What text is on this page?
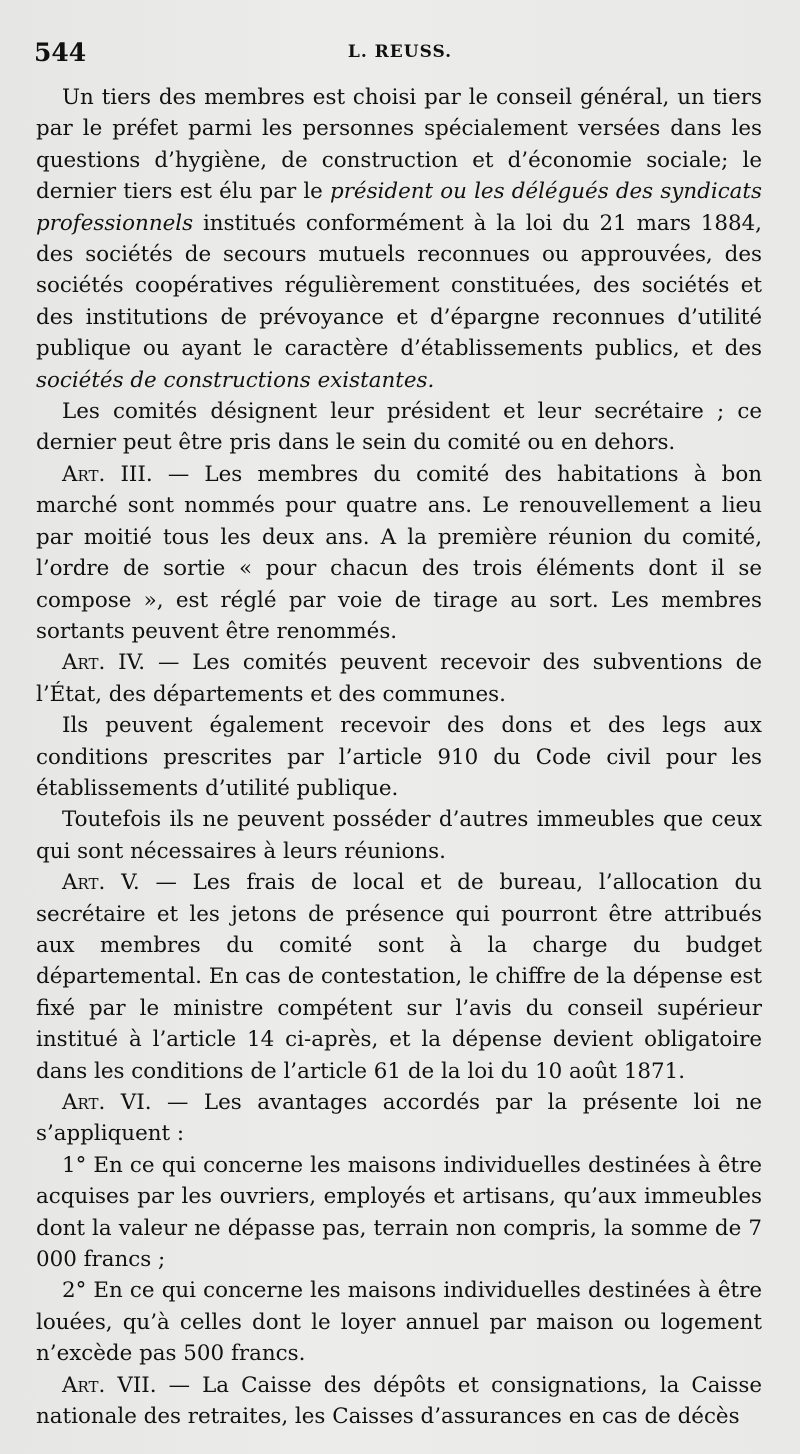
544	L. REUSS.

Un tiers des membres est choisi par le conseil général, un tiers par le préfet parmi les personnes spécialement versées dans les questions d’hygiène, de construction et d’économie sociale; le dernier tiers est élu par le président ou les délégués des syndicats professionnels institués conformément à la loi du 21 mars 1884, des sociétés de secours mutuels reconnues ou approuvées, des sociétés coopératives régulièrement constituées, des sociétés et des institutions de prévoyance et d’épargne reconnues d’utilité publique ou ayant le caractère d’établissements publics, et des sociétés de constructions existantes.

Les comités désignent leur président et leur secrétaire ; ce dernier peut être pris dans le sein du comité ou en dehors.

Art. III. — Les membres du comité des habitations à bon marché sont nommés pour quatre ans. Le renouvellement a lieu par moitié tous les deux ans. A la première réunion du comité, l’ordre de sortie « pour chacun des trois éléments dont il se compose », est réglé par voie de tirage au sort. Les membres sortants peuvent être renommés.

Art. IV. — Les comités peuvent recevoir des subventions de l’État, des départements et des communes.

Ils peuvent également recevoir des dons et des legs aux conditions prescrites par l’article 910 du Code civil pour les établissements d’utilité publique.

Toutefois ils ne peuvent posséder d’autres immeubles que ceux qui sont nécessaires à leurs réunions.

Art. V. — Les frais de local et de bureau, l’allocation du secrétaire et les jetons de présence qui pourront être attribués aux membres du comité sont à la charge du budget départemental. En cas de contestation, le chiffre de la dépense est fixé par le ministre compétent sur l’avis du conseil supérieur institué à l’article 14 ci-après, et la dépense devient obligatoire dans les conditions de l’article 61 de la loi du 10 août 1871.

Art. VI. — Les avantages accordés par la présente loi ne s’appliquent :

1° En ce qui concerne les maisons individuelles destinées à être acquises par les ouvriers, employés et artisans, qu’aux immeubles dont la valeur ne dépasse pas, terrain non compris, la somme de 7 000 francs ;

2° En ce qui concerne les maisons individuelles destinées à être louées, qu’à celles dont le loyer annuel par maison ou logement n’excède pas 500 francs.

Art. VII. — La Caisse des dépôts et consignations, la Caisse nationale des retraites, les Caisses d’assurances en cas de décès
